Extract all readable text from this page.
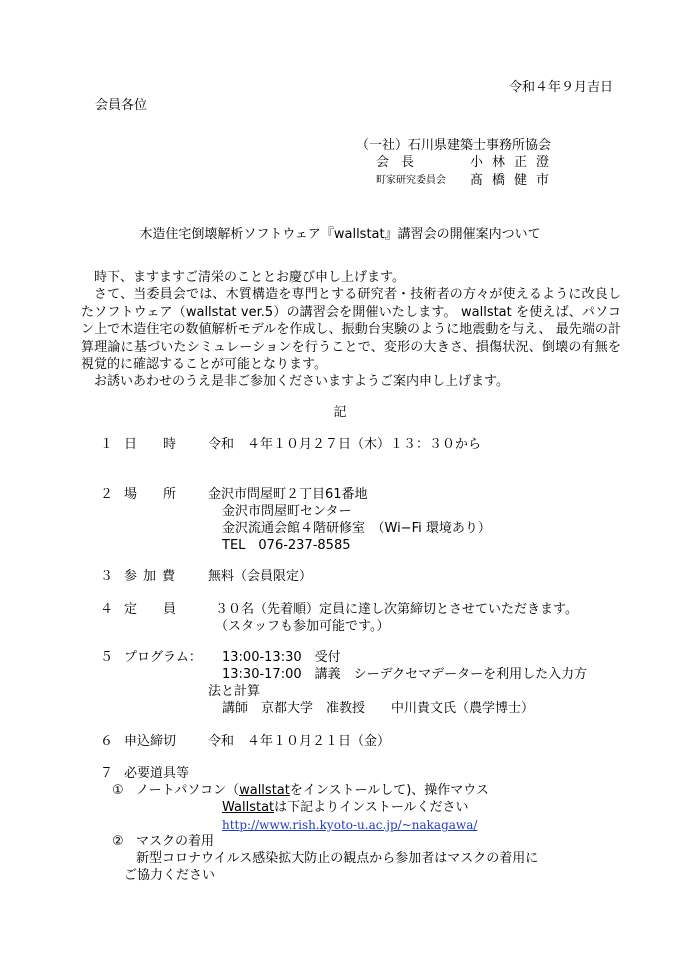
令和４年９月吉日
会員各位
（一社）石川県建築士事務所協会
会長	小林正澄
町家研究委員会 髙橋健市
木造住宅倒壊解析ソフトウェア『wallstat』講習会の開催案内ついて

時下、ますますご清栄のこととお慶び申し上げます。

さて、当委員会では、木質構造を専門とする研究者・技術者の方々が使えるように改良したソフトウェア（wallstat ver.5）の講習会を開催いたします。 wallstat を使えば、パソコン上で木造住宅の数値解析モデルを作成し、振動台実験のように地震動を与え、 最先端の計算理論に基づいたシミュレーションを行うことで、変形の大きさ、損傷状況、倒壊の有無を視覚的に確認することが可能となります。

お誘いあわせのうえ是非ご参加くださいますようご案内申し上げます。

記
１ 日時 令和　４年１０月２７日（木）１３：３０から
２ 場所 金沢市問屋町２丁目61番地
金沢市問屋町センター
金沢流通会館４階研修室　（Wi−Fi 環境あり）
TEL　076-237-8585
３ 参加費 無料（会員限定）
４ 定員 ３０名（先着順）定員に達し次第締切とさせていただきます。
（スタッフも参加可能です。）
５ プログラム： 13:00-13:30　受付
13:30-17:00　講義　シーデクセマデーターを利用した入力方
法と計算
講師　京都大学　准教授　　中川貴文氏（農学博士）
６ 申込締切 令和　４年１０月２１日（金）
７ 必要道具等
① ノートパソコン（wallstatをインストールして)、操作マウス
Wallstatは下記よりインストールください
http://www.rish.kyoto-u.ac.jp/~nakagawa/
② マスクの着用
新型コロナウイルス感染拡大防止の観点から参加者はマスクの着用に
ご協力ください
